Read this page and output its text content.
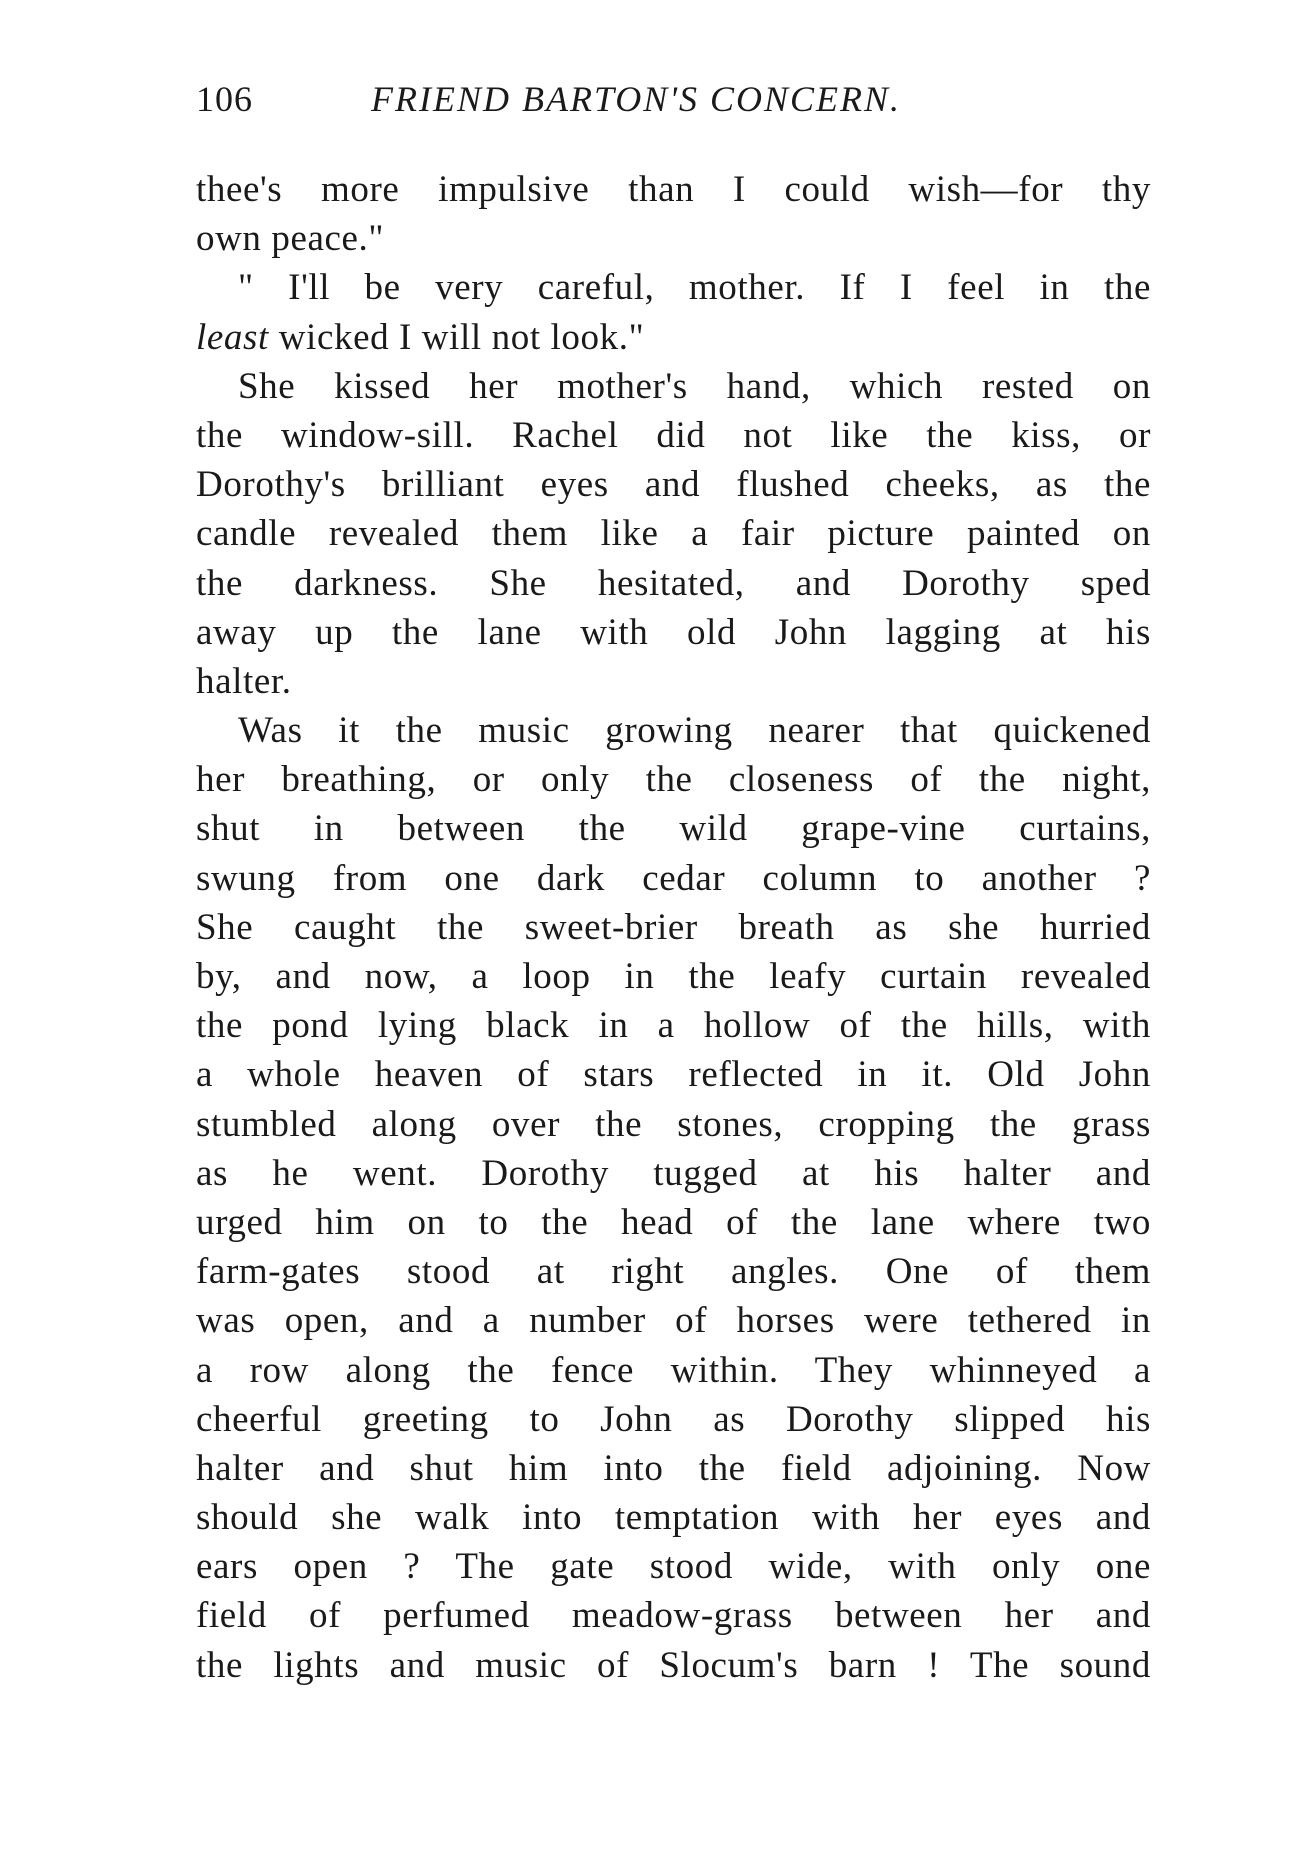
106	FRIEND BARTON'S CONCERN.
thee's more impulsive than I could wish—for thy
own peace."
" I'll be very careful, mother. If I feel in the
least wicked I will not look."
She kissed her mother's hand, which rested on
the window-sill. Rachel did not like the kiss, or
Dorothy's brilliant eyes and flushed cheeks, as the
candle revealed them like a fair picture painted on
the darkness. She hesitated, and Dorothy sped
away up the lane with old John lagging at his
halter.
Was it the music growing nearer that quickened
her breathing, or only the closeness of the night,
shut in between the wild grape-vine curtains,
swung from one dark cedar column to another ?
She caught the sweet-brier breath as she hurried
by, and now, a loop in the leafy curtain revealed
the pond lying black in a hollow of the hills, with
a whole heaven of stars reflected in it. Old John
stumbled along over the stones, cropping the grass
as he went. Dorothy tugged at his halter and
urged him on to the head of the lane where two
farm-gates stood at right angles. One of them
was open, and a number of horses were tethered in
a row along the fence within. They whinneyed a
cheerful greeting to John as Dorothy slipped his
halter and shut him into the field adjoining. Now
should she walk into temptation with her eyes and
ears open ? The gate stood wide, with only one
field of perfumed meadow-grass between her and
the lights and music of Slocum's barn ! The sound
